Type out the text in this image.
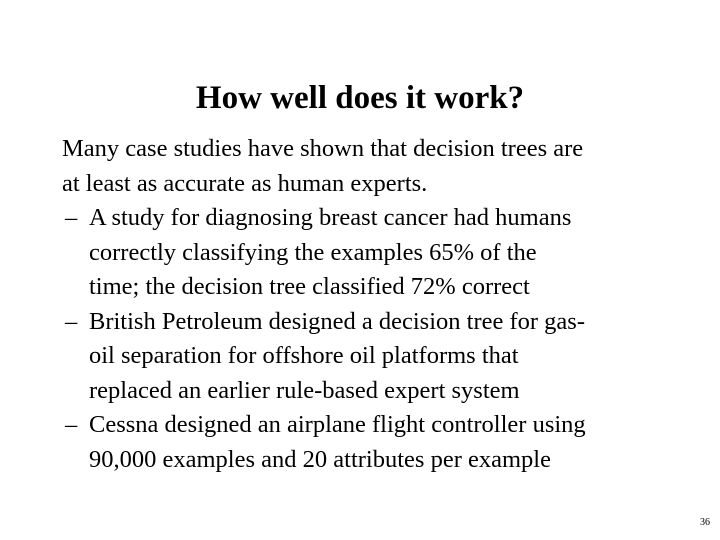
How well does it work?
Many case studies have shown that decision trees are
at least as accurate as human experts.
– A study for diagnosing breast cancer had humans
correctly classifying the examples 65% of the
time; the decision tree classified 72% correct
– British Petroleum designed a decision tree for gas-
oil separation for offshore oil platforms that
replaced an earlier rule-based expert system
– Cessna designed an airplane flight controller using
90,000 examples and 20 attributes per example
36
